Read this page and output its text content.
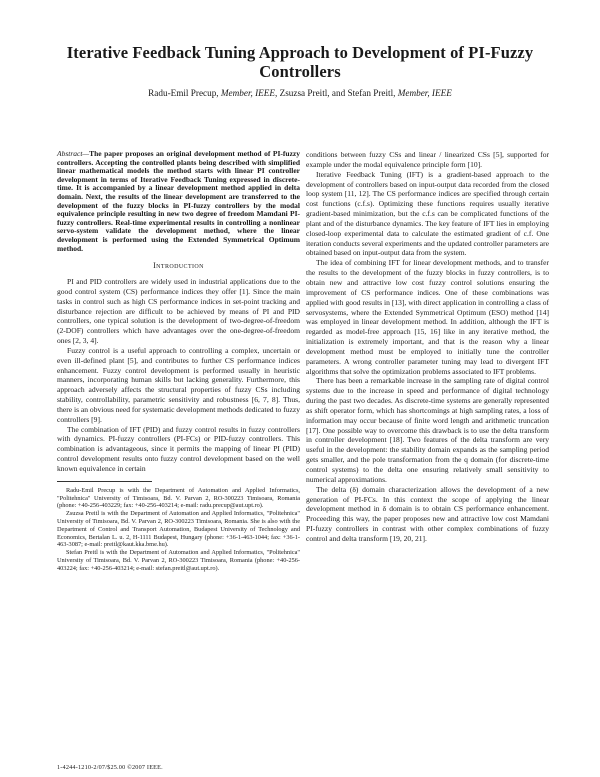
Iterative Feedback Tuning Approach to Development of PI-Fuzzy Controllers
Radu-Emil Precup, Member, IEEE, Zsuzsa Preitl, and Stefan Preitl, Member, IEEE
Abstract—The paper proposes an original development method of PI-fuzzy controllers. Accepting the controlled plants being described with simplified linear mathematical models the method starts with linear PI controller development in terms of Iterative Feedback Tuning expressed in discrete-time. It is accompanied by a linear development method applied in delta domain. Next, the results of the linear development are transferred to the development of the fuzzy blocks in PI-fuzzy controllers by the modal equivalence principle resulting in new two degree of freedom Mamdani PI-fuzzy controllers. Real-time experimental results in controlling a nonlinear servo-system validate the development method, where the linear development is performed using the Extended Symmetrical Optimum method.
Introduction

PI and PID controllers are widely used in industrial applications due to the good control system (CS) performance indices they offer [1]. Since the main tasks in control such as high CS performance indices in set-point tracking and disturbance rejection are difficult to be achieved by means of PI and PID controllers, one typical solution is the development of two-degree-of-freedom (2-DOF) controllers which have advantages over the one-degree-of-freedom ones [2, 3, 4].

Fuzzy control is a useful approach to controlling a complex, uncertain or even ill-defined plant [5], and contributes to further CS performance indices enhancement. Fuzzy control development is performed usually in heuristic manners, incorporating human skills but lacking generality. Furthermore, this approach adversely affects the structural properties of fuzzy CSs including stability, controllability, parametric sensitivity and robustness [6, 7, 8]. Thus, there is an obvious need for systematic development methods dedicated to fuzzy controllers [9].

The combination of IFT (PID) and fuzzy control results in fuzzy controllers with dynamics. PI-fuzzy controllers (PI-FCs) or PID-fuzzy controllers. This combination is advantageous, since it permits the mapping of linear PI (PID) control development results onto fuzzy control development based on the well known equivalence in certain

Radu-Emil Precup is with the Department of Automation and Applied Informatics, "Politehnica" University of Timisoara, Bd. V. Parvan 2, RO-300223 Timisoara, Romania (phone: +40-256-403229; fax: +40-256-403214; e-mail: radu.precup@aut.upt.ro).

Zsuzsa Preitl is with the Department of Automation and Applied Informatics, "Politehnica" University of Timisoara, Bd. V. Parvan 2, RO-300223 Timisoara, Romania. She is also with the Department of Control and Transport Automation, Budapest University of Technology and Economics, Bertalan L. u. 2, H-1111 Budapest, Hungary (phone: +36-1-463-1044; fax: +36-1-463-3087; e-mail: preitl@kaut.kka.bme.hu).

Stefan Preitl is with the Department of Automation and Applied Informatics, "Politehnica" University of Timisoara, Bd. V. Parvan 2, RO-300223 Timisoara, Romania (phone: +40-256-403224; fax: +40-256-403214; e-mail: stefan.preitl@aut.upt.ro).

conditions between fuzzy CSs and linear / linearized CSs [5], supported for example under the modal equivalence principle form [10].

Iterative Feedback Tuning (IFT) is a gradient-based approach to the development of controllers based on input-output data recorded from the closed loop system [11, 12]. The CS performance indices are specified through certain cost functions (c.f.s). Optimizing these functions requires usually iterative gradient-based minimization, but the c.f.s can be complicated functions of the plant and of the disturbance dynamics. The key feature of IFT lies in employing closed-loop experimental data to calculate the estimated gradient of c.f. One iteration conducts several experiments and the updated controller parameters are obtained based on input-output data from the system.

The idea of combining IFT for linear development methods, and to transfer the results to the development of the fuzzy blocks in fuzzy controllers, is to obtain new and attractive low cost fuzzy control solutions ensuring the improvement of CS performance indices. One of these combinations was applied with good results in [13], with direct application in controlling a class of servosystems, where the Extended Symmetrical Optimum (ESO) method [14] was employed in linear development method. In addition, although the IFT is regarded as model-free approach [15, 16] like in any iterative method, the initialization is extremely important, and that is the reason why a linear development method must be employed to initially tune the controller parameters. A wrong controller parameter tuning may lead to divergent IFT algorithms that solve the optimization problems associated to IFT problems.

There has been a remarkable increase in the sampling rate of digital control systems due to the increase in speed and performance of digital technology during the past two decades. As discrete-time systems are generally represented as shift operator form, which has shortcomings at high sampling rates, a loss of information may occur because of finite word length and arithmetic truncation [17]. One possible way to overcome this drawback is to use the delta transform in controller development [18]. Two features of the delta transform are very useful in the development: the stability domain expands as the sampling period gets smaller, and the pole transformation from the q domain (for discrete-time control systems) to the delta one ensuring relatively small sensitivity to numerical approximations.

The delta (δ) domain characterization allows the development of a new generation of PI-FCs. In this context the scope of applying the linear development method in δ domain is to obtain CS performance enhancement. Proceeding this way, the paper proposes new and attractive low cost Mamdani PI-fuzzy controllers in contrast with other complex combinations of fuzzy control and delta transform [19, 20, 21].

1-4244-1210-2/07/$25.00 ©2007 IEEE.
